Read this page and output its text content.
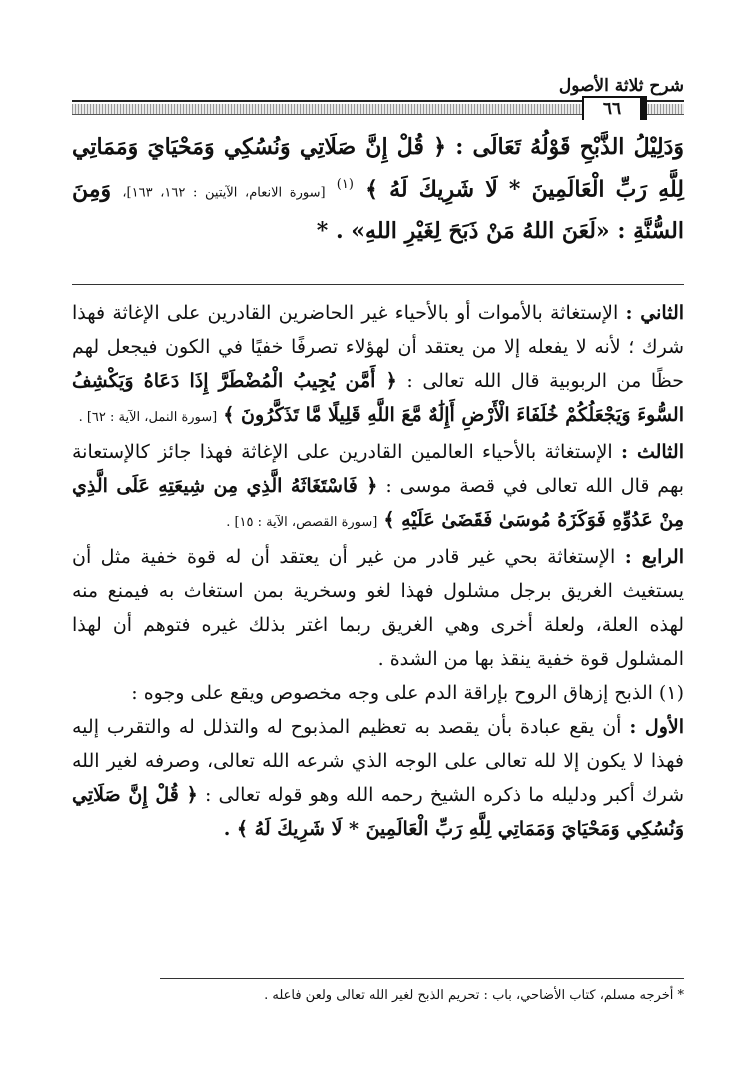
شرح ثلاثة الأصول
٦٦
وَدَلِيْلُ الذَّبْحِ قَوْلُهُ تَعَالَى : ﴿ قُلْ إِنَّ صَلَاتِي وَنُسُكِي وَمَحْيَايَ وَمَمَاتِي لِلَّهِ رَبِّ الْعَالَمِينَ * لَا شَرِيكَ لَهُ ﴾ $^{(١)}$ [سورة الانعام، الآيتين : ١٦٢، ١٦٣]، وَمِنَ السُّنَّةِ : «لَعَنَ اللهُ مَنْ ذَبَحَ لِغَيْرِ اللهِ» . *

الثاني : الإستغاثة بالأموات أو بالأحياء غير الحاضرين القادرين على الإغاثة فهذا شرك ؛ لأنه لا يفعله إلا من يعتقد أن لهؤلاء تصرفًا خفيًا في الكون فيجعل لهم حظًا من الربوبية قال الله تعالى : ﴿ أَمَّن يُجِيبُ الْمُضْطَرَّ إِذَا دَعَاهُ وَيَكْشِفُ السُّوءَ وَيَجْعَلُكُمْ خُلَفَاءَ الْأَرْضِ أَإِلَٰهٌ مَّعَ اللَّهِ قَلِيلًا مَّا تَذَكَّرُونَ ﴾ [سورة النمل، الآية : ٦٢] .

الثالث : الإستغاثة بالأحياء العالمين القادرين على الإغاثة فهذا جائز كالإستعانة بهم قال الله تعالى في قصة موسى : ﴿ فَاسْتَغَاثَهُ الَّذِي مِن شِيعَتِهِ عَلَى الَّذِي مِنْ عَدُوِّهِ فَوَكَزَهُ مُوسَىٰ فَقَضَىٰ عَلَيْهِ ﴾ [سورة القصص، الآية : ١٥] .

الرابع : الإستغاثة بحي غير قادر من غير أن يعتقد أن له قوة خفية مثل أن يستغيث الغريق برجل مشلول فهذا لغو وسخرية بمن استغاث به فيمنع منه لهذه العلة، ولعلة أخرى وهي الغريق ربما اغتر بذلك غيره فتوهم أن لهذا المشلول قوة خفية ينقذ بها من الشدة .

(١) الذبح إزهاق الروح بإراقة الدم على وجه مخصوص ويقع على وجوه :

الأول : أن يقع عبادة بأن يقصد به تعظيم المذبوح له والتذلل له والتقرب إليه فهذا لا يكون إلا لله تعالى على الوجه الذي شرعه الله تعالى، وصرفه لغير الله شرك أكبر ودليله ما ذكره الشيخ رحمه الله وهو قوله تعالى : ﴿ قُلْ إِنَّ صَلَاتِي وَنُسُكِي وَمَحْيَايَ وَمَمَاتِي لِلَّهِ رَبِّ الْعَالَمِينَ * لَا شَرِيكَ لَهُ ﴾ .

* أخرجه مسلم، كتاب الأضاحي، باب : تحريم الذبح لغير الله تعالى ولعن فاعله .
